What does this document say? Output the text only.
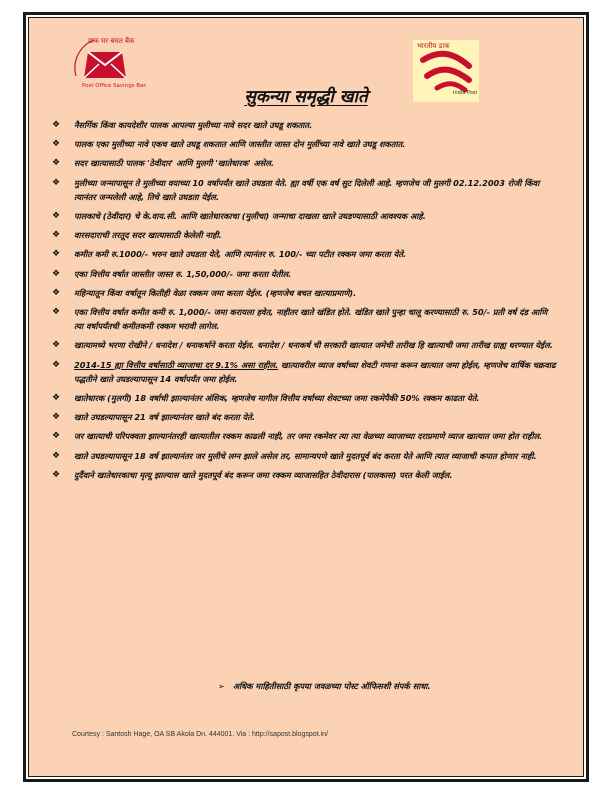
डाक घर बचत बैंक
Post Office Savings Bank
भारतीय डाक
India Post
सुकन्या समृद्धी खाते
❖ नैसर्गिक किंवा कायदेशीर पालक आपल्या मुलीच्या नावे सदर खाते उघडू शकतात.
❖ पालक एका मुलीच्या नावे एकच खाते उघडू शकतात आणि जास्तीत जास्त दोन मुलींच्या नावे खाते उघडू शकतात.
❖ सदर खात्यासाठी पालक 'ठेवीदार' आणि मुलगी 'खातेधारक' असेल.
❖ मुलीच्या जन्मापासून ते मुलीच्या वयाच्या 10 वर्षापर्यंत खाते उघडता येते. ह्या वर्षी एक वर्ष सुट दिलेली आहे. म्हणजेच जी मुलगी 02.12.2003 रोजी किंवा त्यानंतर जन्मलेली आहे, तिचे खाते उघडता येईल.
❖ पालकाचे (ठेवीदार) चे के.वाय.सी. आणि खातेधारकाचा (मुलीचा) जन्माचा दाखला खाते उघडण्यासाठी आवश्यक आहे.
❖ वारसदाराची तरतूद सदर खात्यासाठी केलेली नाही.
❖ कमीत कमी रु.1000/- भरुन खाते उघडता येते, आणि त्यानंतर रु. 100/- च्या पटीत रक्कम जमा करता येते.
❖ एका वित्तीय वर्षात जास्तीत जास्त रु. 1,50,000/- जमा करता येतील.
❖ महिन्यातून किंवा वर्षातून कितीही वेळा रक्कम जमा करता येईल. (म्हणजेच बचत खात्याप्रमाणे).
❖ एका वित्तीय वर्षात कमीत कमी रु. 1,000/- जमा करायला हवेत, नाहीतर खाते खंडित होते. खंडित खाते पुन्हा चालू करण्यासाठी रु. 50/- प्रती वर्ष दंड आणि त्या वर्षापर्यंतची कमीतकमी रक्कम भरावी लागेल.
❖ खात्यामध्ये भरणा रोखीने / धनादेश / धनाकर्षाने करता येईल. धनादेश / धनाकर्ष ची सरकारी खात्यात जमेची तारीख हि खात्याची जमा तारीख ग्राह्य धरण्यात येईल.
❖ 2014-15 ह्या वित्तीय वर्षासाठी व्याजाचा दर 9.1% असा राहील. खात्यावरील व्याज वर्षाच्या शेवटी गणना करून खात्यात जमा होईल, म्हणजेच वार्षिक चक्रवाढ पद्धतीने खाते उघडल्यापासून 14 वर्षापर्यंत जमा होईल.
❖ खातेधारक (मुलगी) 18 वर्षाची झाल्यानंतर अंशिक, म्हणजेच मागील वित्तीय वर्षाच्या शेवटच्या जमा रकमेपैकी 50% रक्कम काढता येते.
❖ खाते उघडल्यापासून 21 वर्ष झाल्यानंतर खाते बंद करता येते.
❖ जर खात्याची परिपक्वता झाल्यानंतरही खात्यातील रक्कम काढली नाही, तर जमा रकमेवर त्या त्या वेळच्या व्याजाच्या दराप्रमाणे व्याज खात्यात जमा होत राहील.
❖ खाते उघडल्यापासून 18 वर्ष झाल्यानंतर जर मुलीचे लग्न झाले असेल तर, सामान्यपणे खाते मुदतपूर्व बंद करता येते आणि त्यात व्याजाची कपात होणार नाही.
❖ दुर्दैवाने खातेधारकाचा मृत्यू झाल्यास खाते मुदतपूर्व बंद करून जमा रक्कम व्याजासहित ठेवीदारास (पालकास) परत केली जाईल.
➢ अधिक माहितीसाठी कृपया जवळच्या पोस्ट ऑफिसशी संपर्क साधा.
Courtesy : Santosh Hage, OA SB Akola Dn. 444001. Via : http://sapost.blogspot.in/
